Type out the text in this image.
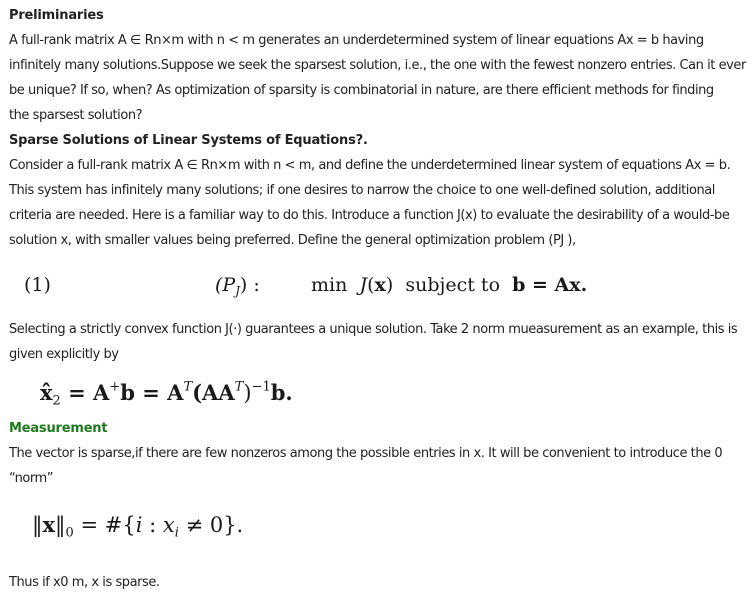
Preliminaries

A full-rank matrix A ∈ Rn×m with n < m generates an underdetermined system of linear equations Ax = b having

infinitely many solutions.Suppose we seek the sparsest solution, i.e., the one with the fewest nonzero entries. Can it ever

be unique? If so, when? As optimization of sparsity is combinatorial in nature, are there efficient methods for finding

the sparsest solution?

Sparse Solutions of Linear Systems of Equations?.

Consider a full-rank matrix A ∈ Rn×m with n < m, and define the underdetermined linear system of equations Ax = b.

This system has infinitely many solutions; if one desires to narrow the choice to one well-defined solution, additional

criteria are needed. Here is a familiar way to do this. Introduce a function J(x) to evaluate the desirability of a would-be

solution x, with smaller values being preferred. Define the general optimization problem (PJ ),

(1)	$(P_J)$ :	min J(x) subject to b = Ax.

Selecting a strictly convex function J(·) guarantees a unique solution. Take 2 norm mueasurement as an example, this is

given explicitly by

$x̂_2 = A^+b = A^T(AA^T)^{-1}b$.

Measurement

The vector is sparse,if there are few nonzeros among the possible entries in x. It will be convenient to introduce the 0

“norm”

$‖x‖_0$ = #{i : $x_i \ne 0$}.

Thus if x0 m, x is sparse.
